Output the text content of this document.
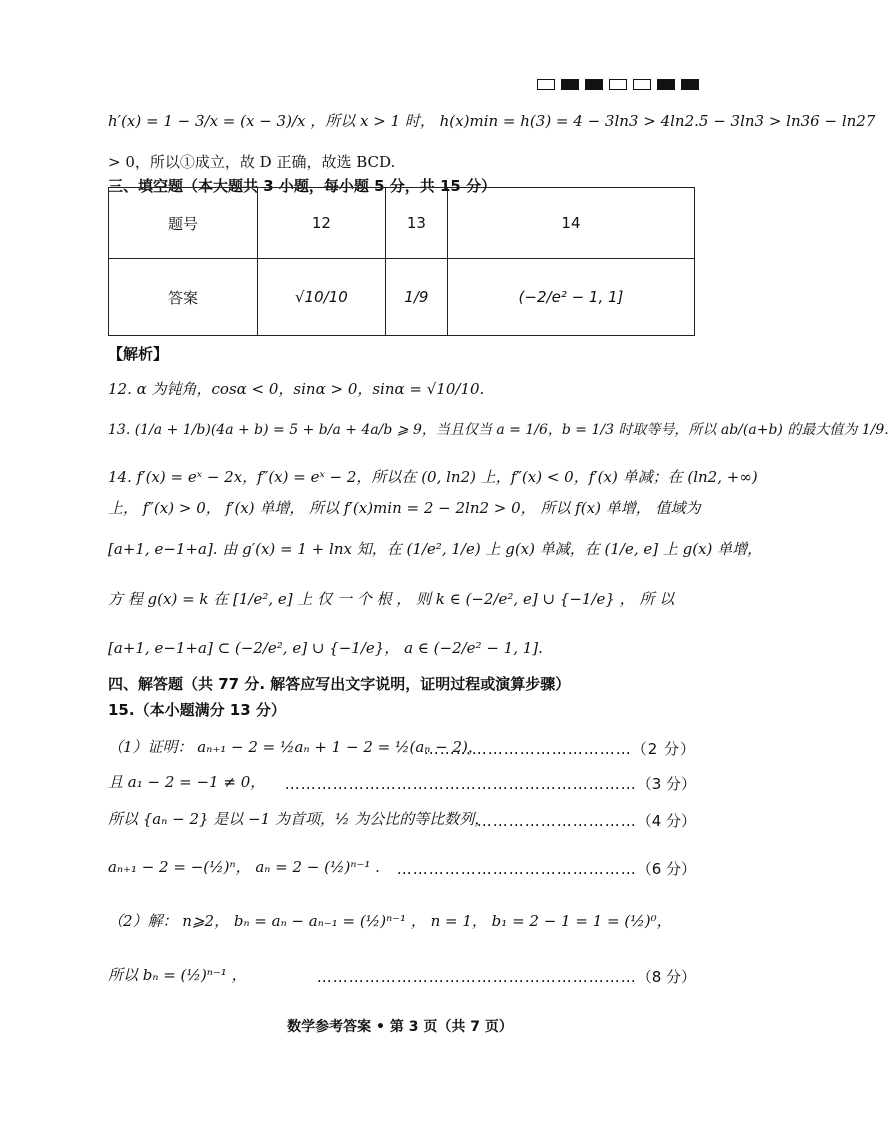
h′(x) = 1 − 3/x = (x − 3)/x ，所以 x > 1 时， h(x)min = h(3) = 4 − 3ln3 > 4ln2.5 − 3ln3 > ln36 − ln27
> 0，所以①成立，故 D 正确，故选 BCD.
三、填空题（本大题共 3 小题，每小题 5 分，共 15 分）
题号	12	13	14
答案	√10/10	1/9	(−2/e² − 1, 1]
【解析】
12. α 为钝角，cosα < 0，sinα > 0，sinα = √10/10.
13. (1/a + 1/b)(4a + b) = 5 + b/a + 4a/b ⩾ 9，当且仅当 a = 1/6，b = 1/3 时取等号，所以 ab/(a+b) 的最大值为 1/9.
14. f′(x) = eˣ − 2x，f″(x) = eˣ − 2，所以在 (0, ln2) 上，f″(x) < 0，f′(x) 单减；在 (ln2, +∞)
上， f″(x) > 0， f′(x) 单增， 所以 f′(x)min = 2 − 2ln2 > 0， 所以 f(x) 单增， 值域为
[a+1, e−1+a]. 由 g′(x) = 1 + lnx 知，在 (1/e², 1/e) 上 g(x) 单减，在 (1/e, e] 上 g(x) 单增，
方 程 g(x) = k 在 [1/e², e] 上 仅 一 个 根 ， 则 k ∈ (−2/e², e] ∪ {−1/e} ， 所 以
[a+1, e−1+a] ⊂ (−2/e², e] ∪ {−1/e}， a ∈ (−2/e² − 1, 1].
四、解答题（共 77 分. 解答应写出文字说明，证明过程或演算步骤）
15.（本小题满分 13 分）
（1）证明： aₙ₊₁ − 2 = ½aₙ + 1 − 2 = ½(aₙ − 2)，
…………………………………（2 分）
且 a₁ − 2 = −1 ≠ 0， …………………………………………………………（3 分）
所以 {aₙ − 2} 是以 −1 为首项，½ 为公比的等比数列，
…………………………（4 分）
aₙ₊₁ − 2 = −(½)ⁿ， aₙ = 2 − (½)ⁿ⁻¹ . ………………………………………（6 分）
（2）解： n⩾2， bₙ = aₙ − aₙ₋₁ = (½)ⁿ⁻¹ ， n = 1， b₁ = 2 − 1 = 1 = (½)⁰，
所以 bₙ = (½)ⁿ⁻¹ ，	……………………………………………………（8 分）
数学参考答案 • 第 3 页（共 7 页）
